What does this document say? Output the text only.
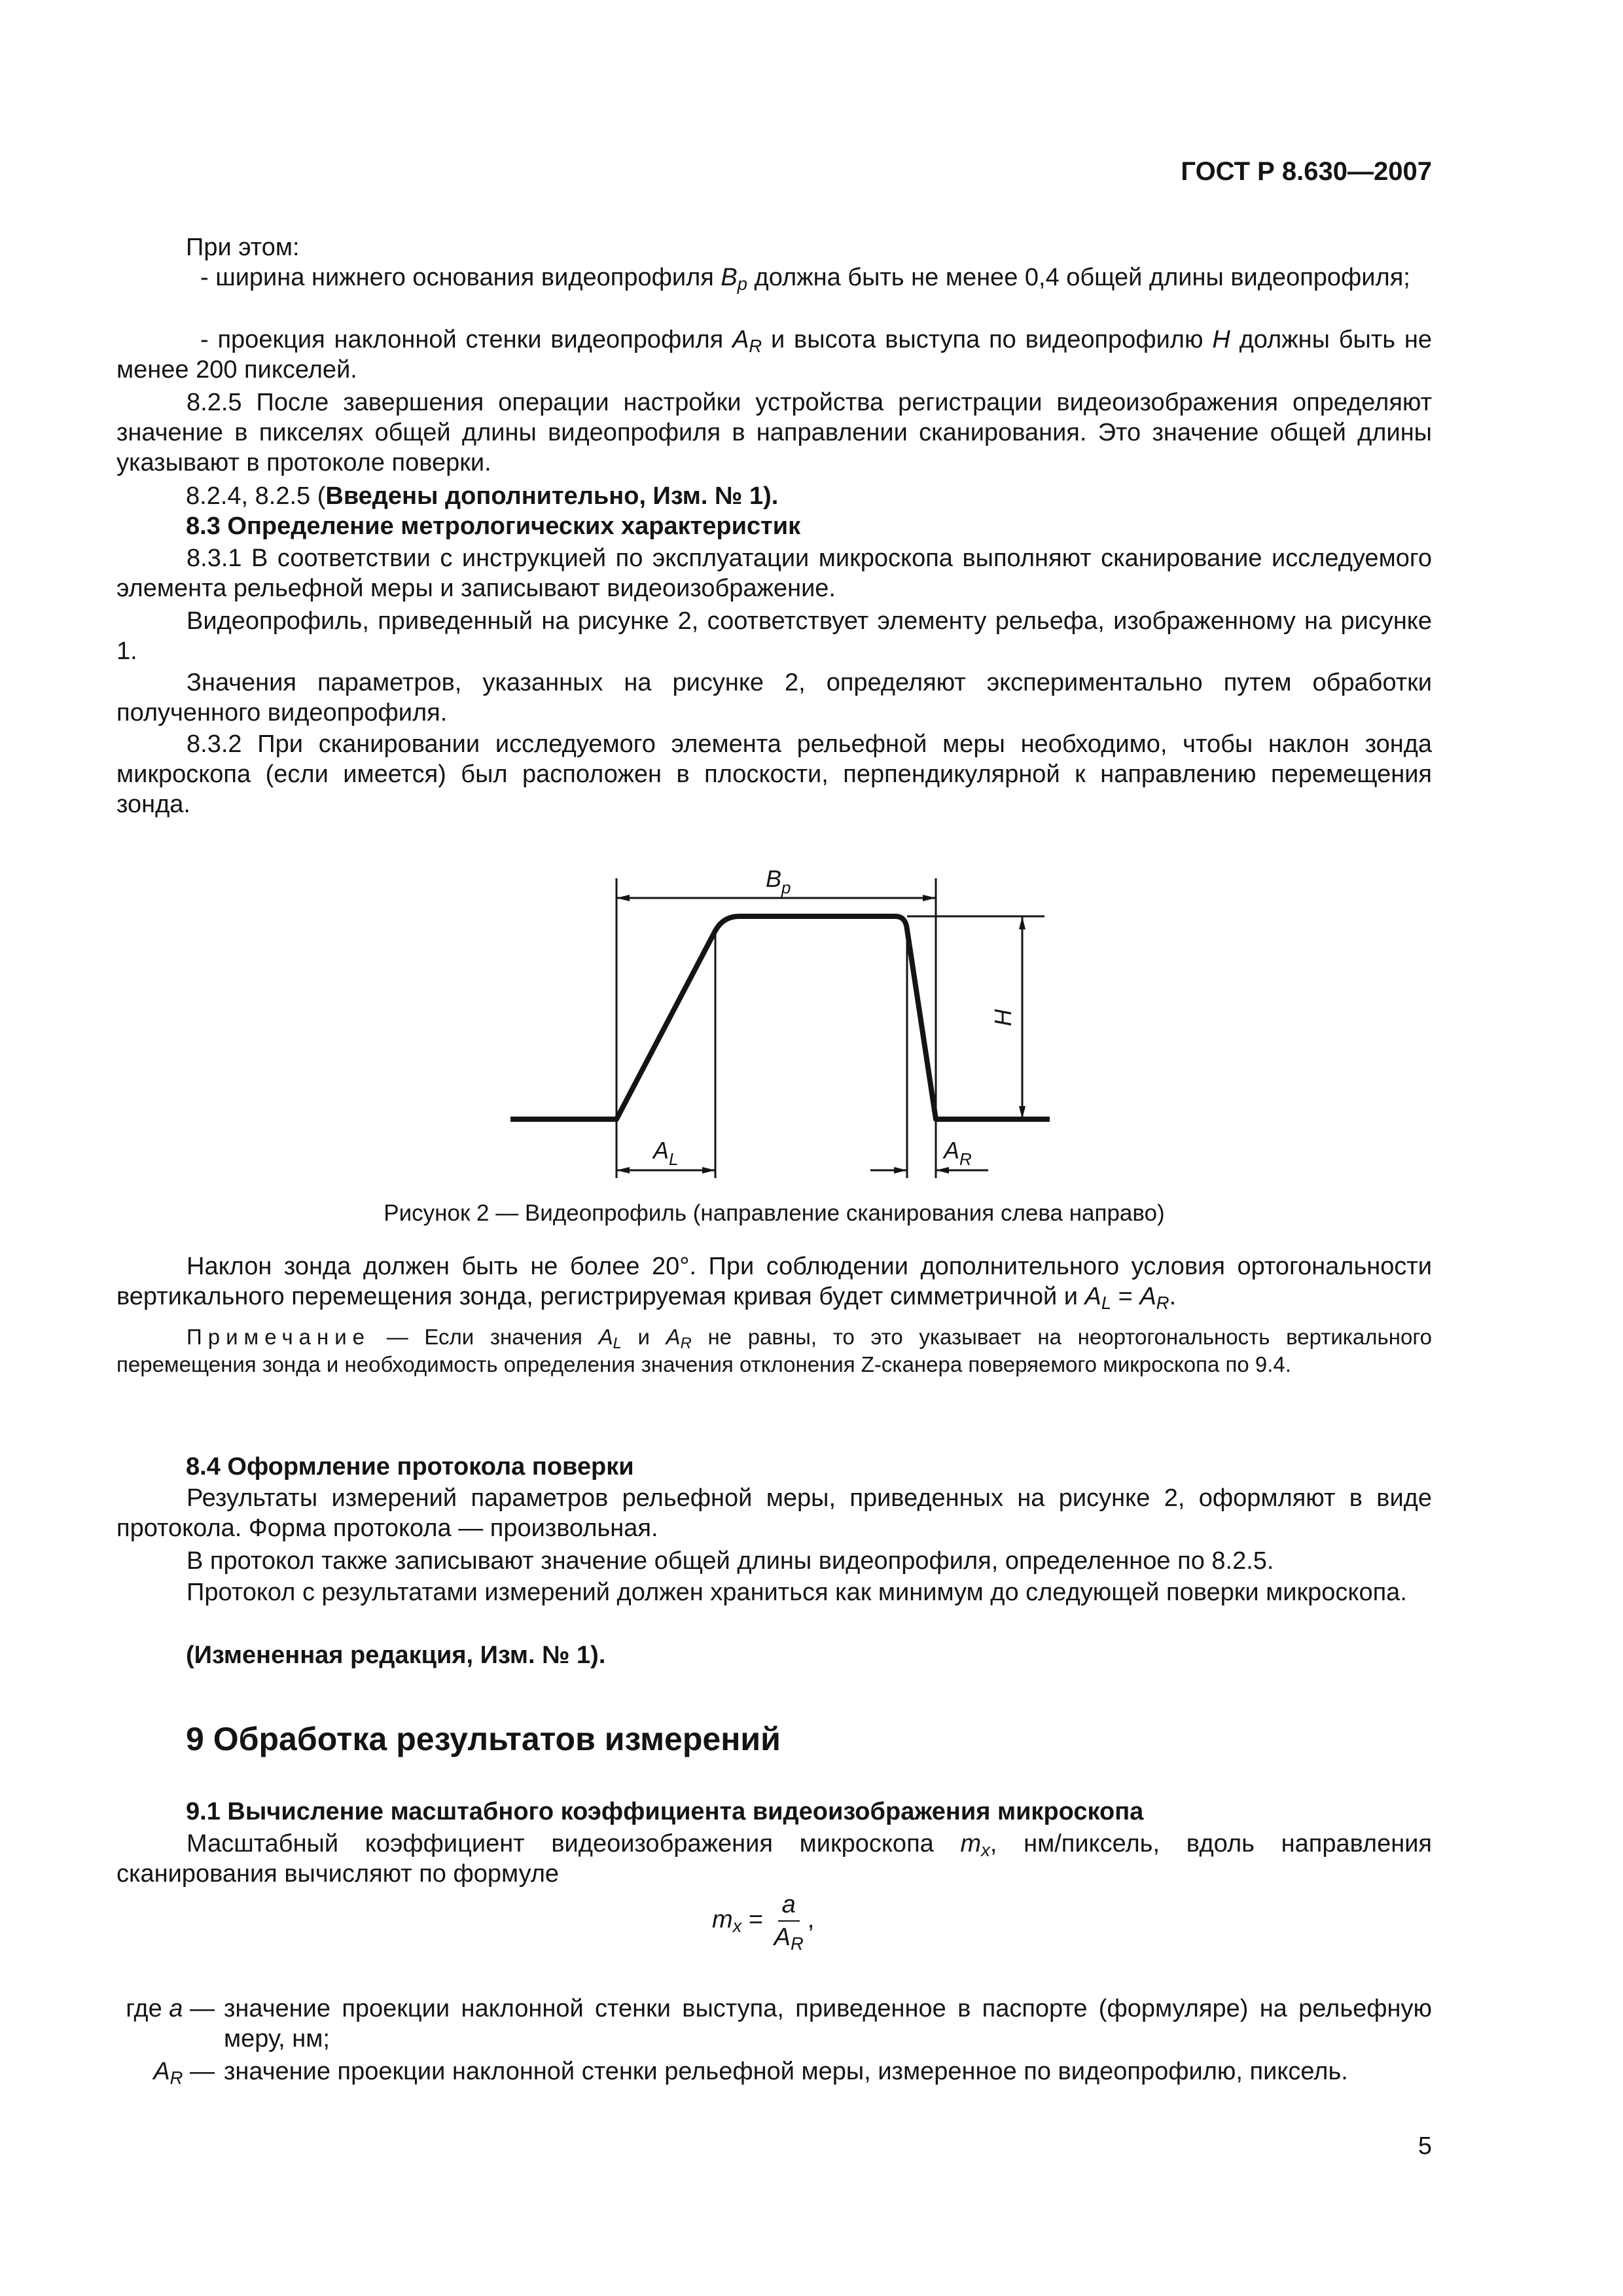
ГОСТ Р 8.630—2007
При этом:
- ширина нижнего основания видеопрофиля $B_p$ должна быть не менее 0,4 общей длины видеопрофиля;
- проекция наклонной стенки видеопрофиля $A_R$ и высота выступа по видеопрофилю H должны быть не менее 200 пикселей.
8.2.5 После завершения операции настройки устройства регистрации видеоизображения определяют значение в пикселях общей длины видеопрофиля в направлении сканирования. Это значение общей длины указывают в протоколе поверки.
8.2.4, 8.2.5 (Введены дополнительно, Изм. № 1).
8.3 Определение метрологических характеристик
8.3.1 В соответствии с инструкцией по эксплуатации микроскопа выполняют сканирование исследуемого элемента рельефной меры и записывают видеоизображение.
Видеопрофиль, приведенный на рисунке 2, соответствует элементу рельефа, изображенному на рисунке 1.
Значения параметров, указанных на рисунке 2, определяют экспериментально путем обработки полученного видеопрофиля.
8.3.2 При сканировании исследуемого элемента рельефной меры необходимо, чтобы наклон зонда микроскопа (если имеется) был расположен в плоскости, перпендикулярной к направлению перемещения зонда.
$B_p$
H
$A_L$	$A_R$
Рисунок 2 — Видеопрофиль (направление сканирования слева направо)
Наклон зонда должен быть не более 20°. При соблюдении дополнительного условия ортогональности вертикального перемещения зонда, регистрируемая кривая будет симметричной и $A_L = A_R$.
Примечание — Если значения $A_L$ и $A_R$ не равны, то это указывает на неортогональность вертикального перемещения зонда и необходимость определения значения отклонения Z-сканера поверяемого микроскопа по 9.4.
8.4 Оформление протокола поверки
Результаты измерений параметров рельефной меры, приведенных на рисунке 2, оформляют в виде протокола. Форма протокола — произвольная.
В протокол также записывают значение общей длины видеопрофиля, определенное по 8.2.5.
Протокол с результатами измерений должен храниться как минимум до следующей поверки микроскопа.
(Измененная редакция, Изм. № 1).
9 Обработка результатов измерений
9.1 Вычисление масштабного коэффициента видеоизображения микроскопа
Масштабный коэффициент видеоизображения микроскопа $m_x$, нм/пиксель, вдоль направления сканирования вычисляют по формуле
$m_x = \frac{a}{A_R}$ ,
где a — значение проекции наклонной стенки выступа, приведенное в паспорте (формуляре) на рельефную меру, нм;
$A_R$ — значение проекции наклонной стенки рельефной меры, измеренное по видеопрофилю, пиксель.
5
